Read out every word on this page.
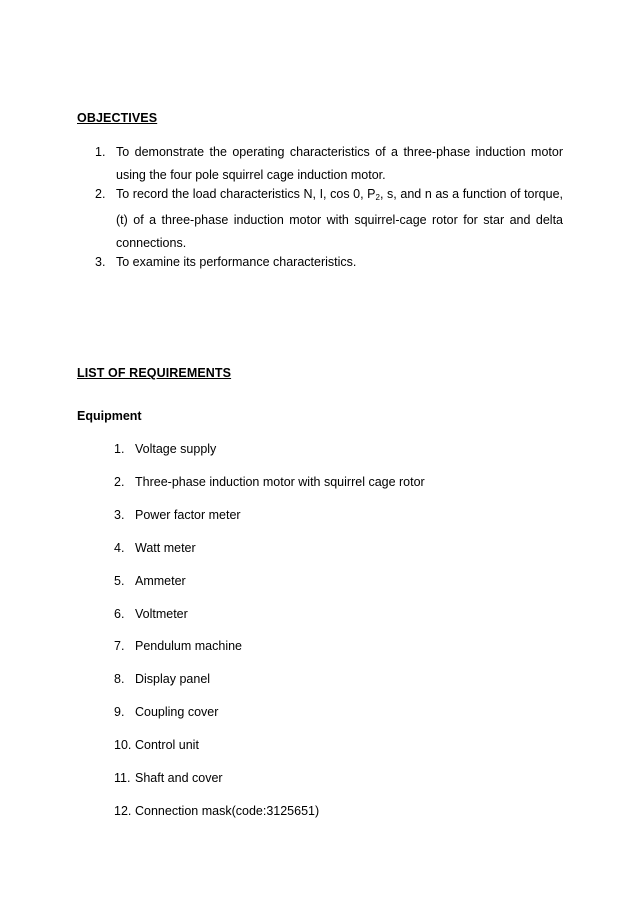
OBJECTIVES
1. To demonstrate the operating characteristics of a three-phase induction motor using the four pole squirrel cage induction motor.
2. To record the load characteristics N, I, cos 0, $P_2$, s, and n as a function of torque, (t) of a three-phase induction motor with squirrel-cage rotor for star and delta connections.
3. To examine its performance characteristics.
LIST OF REQUIREMENTS
Equipment
1. Voltage supply
2. Three-phase induction motor with squirrel cage rotor
3. Power factor meter
4. Watt meter
5. Ammeter
6. Voltmeter
7. Pendulum machine
8. Display panel
9. Coupling cover
10. Control unit
11. Shaft and cover
12. Connection mask(code:3125651)
